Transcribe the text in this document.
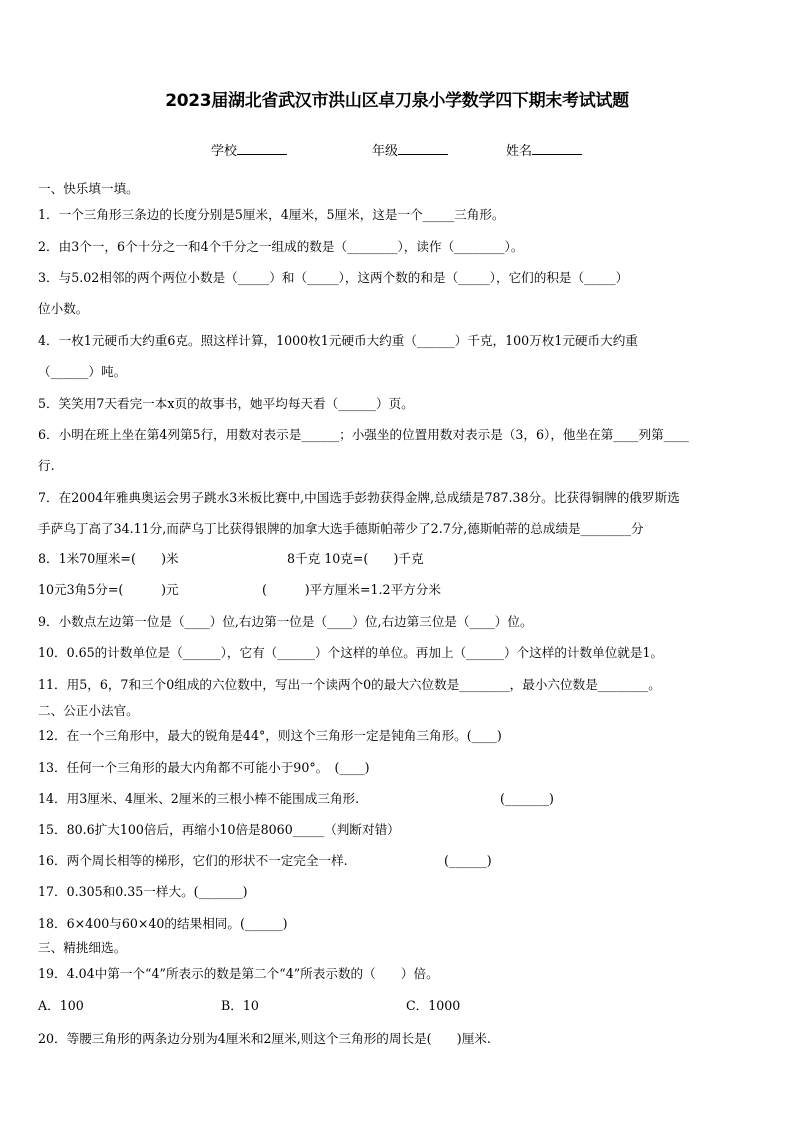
2023届湖北省武汉市洪山区卓刀泉小学数学四下期末考试试题
学校	年级	姓名
一、快乐填一填。
1．一个三角形三条边的长度分别是5厘米，4厘米，5厘米，这是一个_____三角形。
2．由3个一，6个十分之一和4个千分之一组成的数是（________），读作（________）。
3．与5.02相邻的两个两位小数是（_____）和（_____），这两个数的和是（_____），它们的积是（_____）
位小数。
4．一枚1元硬币大约重6克。照这样计算，1000枚1元硬币大约重（______）千克，100万枚1元硬币大约重
（______）吨。
5．笑笑用7天看完一本x页的故事书，她平均每天看（______）页。
6．小明在班上坐在第4列第5行，用数对表示是______；小强坐的位置用数对表示是（3，6），他坐在第____列第____
行.
7．在2004年雅典奥运会男子跳水3米板比赛中,中国选手彭勃获得金牌,总成绩是787.38分。比获得铜牌的俄罗斯选
手萨乌丁高了34.11分,而萨乌丁比获得银牌的加拿大选手德斯帕蒂少了2.7分,德斯帕蒂的总成绩是________分
8．1米70厘米=(　　)米	8千克 10克=(　　)千克
10元3角5分=(　　　)元	(　　　)平方厘米=1.2平方分米
9．小数点左边第一位是（____）位,右边第一位是（____）位,右边第三位是（____）位。
10．0.65的计数单位是（______），它有（______）个这样的单位。再加上（______）个这样的计数单位就是1。
11．用5，6，7和三个0组成的六位数中，写出一个读两个0的最大六位数是________，最小六位数是________。
二、公正小法官。
12．在一个三角形中，最大的锐角是44°，则这个三角形一定是钝角三角形。(____)
13．任何一个三角形的最大内角都不可能小于90°。　(____)
14．用3厘米、4厘米、2厘米的三根小棒不能围成三角形.	(_______)
15．80.6扩大100倍后，再缩小10倍是8060_____（判断对错）
16．两个周长相等的梯形，它们的形状不一定完全一样.	(______)
17．0.305和0.35一样大。(_______)
18．6×400与60×40的结果相同。(______)
三、精挑细选。
19．4.04中第一个“4”所表示的数是第二个“4”所表示数的（　　）倍。
A．100	B．10	C．1000
20．等腰三角形的两条边分别为4厘米和2厘米,则这个三角形的周长是(　　)厘米.
